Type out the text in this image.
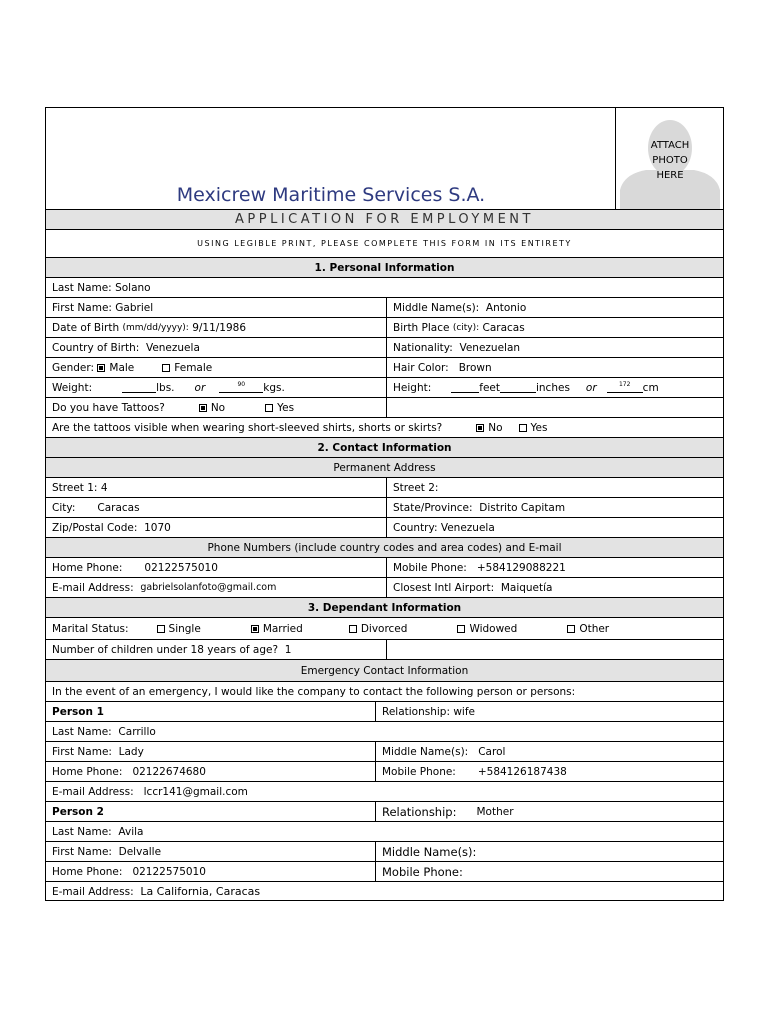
Mexicrew Maritime Services S.A.
ATTACH
PHOTO
HERE
APPLICATION FOR EMPLOYMENT
USING LEGIBLE PRINT, PLEASE COMPLETE THIS FORM IN ITS ENTIRETY
1. Personal Information
Last Name:
Solano
First Name:
Gabriel	Middle Name(s):
Antonio
Date of Birth
(mm/dd/yyyy):
9/11/1986	Birth Place
(city):
Caracas
Country of Birth:
Venezuela	Nationality:
Venezuelan
Gender:
Male	Female	Hair Color:
Brown
Weight:	lbs. or	$^{90}$	kgs.	Height:	feet	inches or	$^{172}$	cm
Do you have Tattoos?	No	Yes
Are the tattoos visible when wearing short-sleeved shirts, shorts or skirts?	No	Yes
2. Contact Information
Permanent Address
Street 1:
4	Street 2:

City: Caracas	State/Province:
Distrito Capitam
Zip/Postal Code:
1070	Country:
Venezuela
Phone Numbers (include country codes and area codes) and E-mail
Home Phone: 02122575010	Mobile Phone:
+584129088221
E-mail Address:
gabrielsolanfoto@gmail.com	Closest Intl Airport:
Maiquetía
3. Dependant Information
Marital Status:	Single	Married	Divorced	Widowed	Other
Number of children under 18 years of age?
1
Emergency Contact Information
In the event of an emergency, I would like the company to contact the following person or persons:
Person 1	Relationship:
wife
Last Name:
Carrillo
First Name:
Lady	Middle Name(s):
Carol
Home Phone:
02122674680	Mobile Phone: +584126187438
E-mail Address:
lccr141@gmail.com
Person 2	Relationship: Mother
Last Name:
Avila
First Name:
Delvalle	Middle Name(s):
Home Phone:
02122575010	Mobile Phone:
E-mail Address:
La California, Caracas
